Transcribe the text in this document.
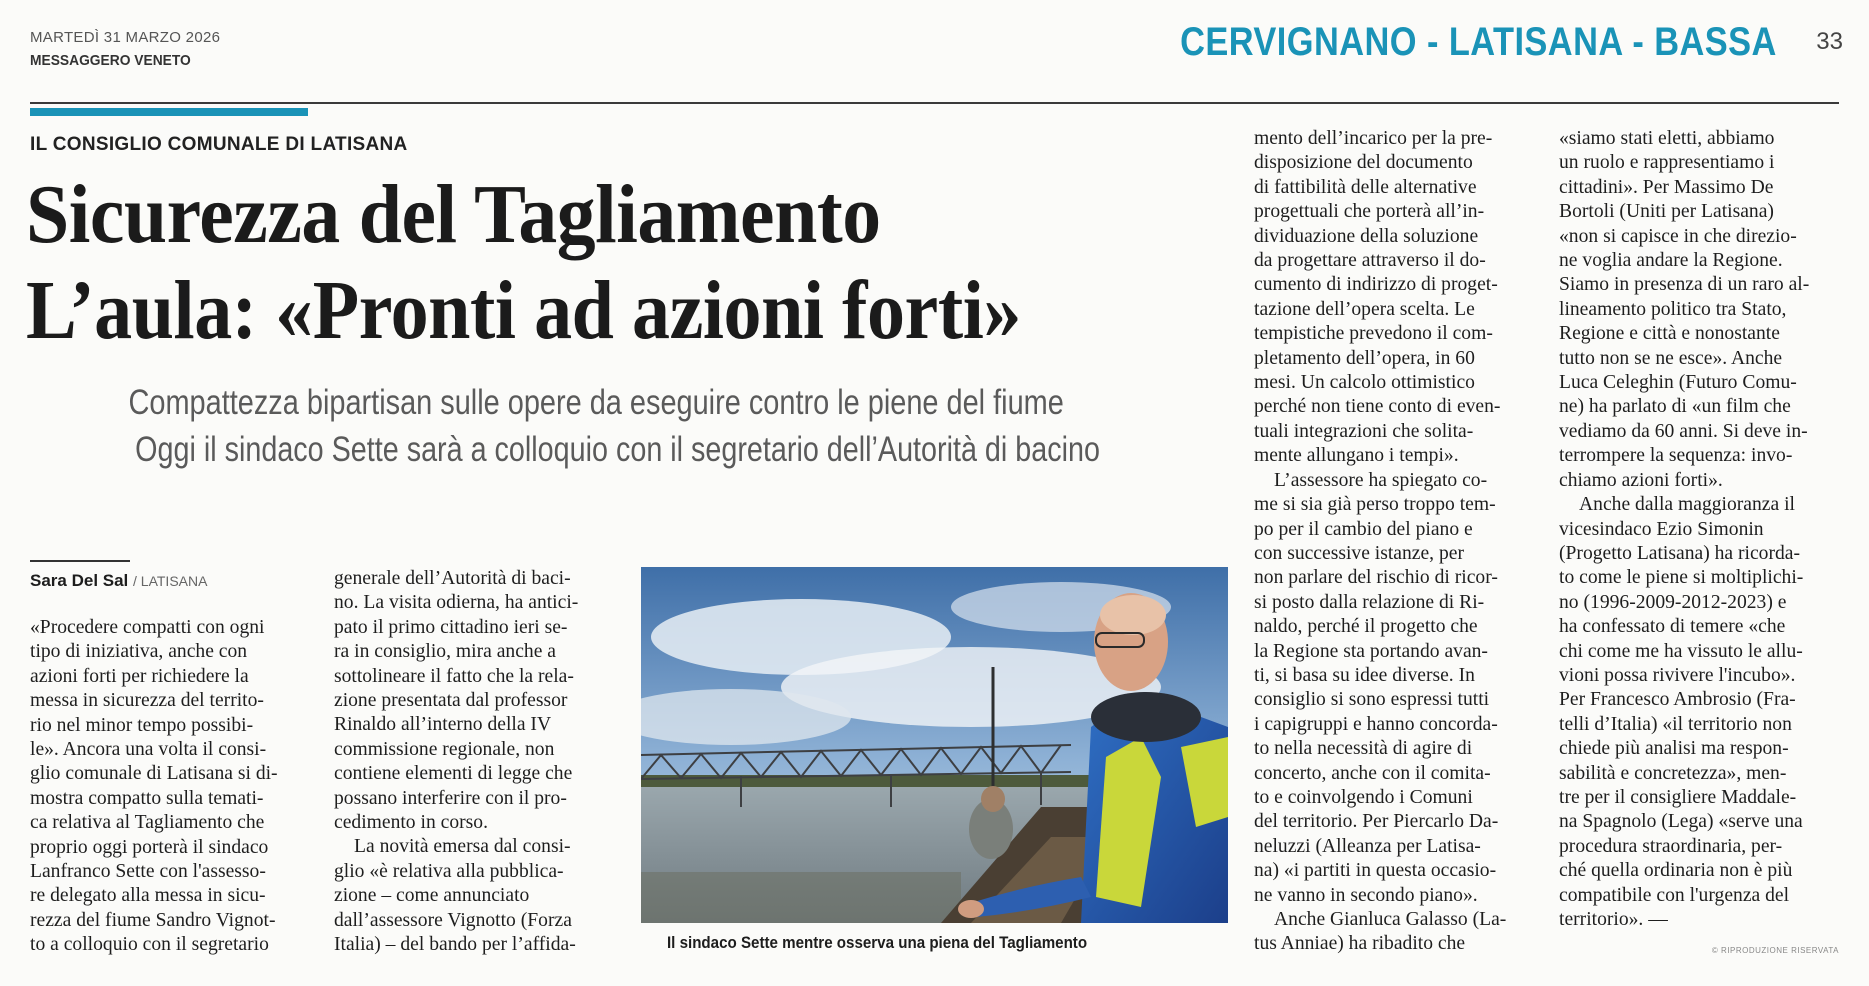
MARTEDÌ 31 MARZO 2026
MESSAGGERO VENETO	CERVIGNANO - LATISANA - BASSA 33
IL CONSIGLIO COMUNALE DI LATISANA
Sicurezza del Tagliamento
L’aula: «Pronti ad azioni forti»
Compattezza bipartisan sulle opere da eseguire contro le piene del fiume
Oggi il sindaco Sette sarà a colloquio con il segretario dell’Autorità di bacino
Sara Del Sal / LATISANA
«Procedere compatti con ogni
tipo di iniziativa, anche con
azioni forti per richiedere la
messa in sicurezza del territo-
rio nel minor tempo possibi-
le». Ancora una volta il consi-
glio comunale di Latisana si di-
mostra compatto sulla temati-
ca relativa al Tagliamento che
proprio oggi porterà il sindaco
Lanfranco Sette con l'assesso-
re delegato alla messa in sicu-
rezza del fiume Sandro Vignot-
to a colloquio con il segretario
generale dell’Autorità di baci-
no. La visita odierna, ha antici-
pato il primo cittadino ieri se-
ra in consiglio, mira anche a
sottolineare il fatto che la rela-
zione presentata dal professor
Rinaldo all’interno della IV
commissione regionale, non
contiene elementi di legge che
possano interferire con il pro-
cedimento in corso.
La novità emersa dal consi-
glio «è relativa alla pubblica-
zione – come annunciato
dall’assessore Vignotto (Forza
Italia) – del bando per l’affida-
mento dell’incarico per la pre-
disposizione del documento
di fattibilità delle alternative
progettuali che porterà all’in-
dividuazione della soluzione
da progettare attraverso il do-
cumento di indirizzo di proget-
tazione dell’opera scelta. Le
tempistiche prevedono il com-
pletamento dell’opera, in 60
mesi. Un calcolo ottimistico
perché non tiene conto di even-
tuali integrazioni che solita-
mente allungano i tempi».
L’assessore ha spiegato co-
me si sia già perso troppo tem-
po per il cambio del piano e
con successive istanze, per
non parlare del rischio di ricor-
si posto dalla relazione di Ri-
naldo, perché il progetto che
la Regione sta portando avan-
ti, si basa su idee diverse. In
consiglio si sono espressi tutti
i capigruppi e hanno concorda-
to nella necessità di agire di
concerto, anche con il comita-
to e coinvolgendo i Comuni
del territorio. Per Piercarlo Da-
neluzzi (Alleanza per Latisa-
na) «i partiti in questa occasio-
ne vanno in secondo piano».
Anche Gianluca Galasso (La-
tus Anniae) ha ribadito che
«siamo stati eletti, abbiamo
un ruolo e rappresentiamo i
cittadini». Per Massimo De
Bortoli (Uniti per Latisana)
«non si capisce in che direzio-
ne voglia andare la Regione.
Siamo in presenza di un raro al-
lineamento politico tra Stato,
Regione e città e nonostante
tutto non se ne esce». Anche
Luca Celeghin (Futuro Comu-
ne) ha parlato di «un film che
vediamo da 60 anni. Si deve in-
terrompere la sequenza: invo-
chiamo azioni forti».
Anche dalla maggioranza il
vicesindaco Ezio Simonin
(Progetto Latisana) ha ricorda-
to come le piene si moltiplichi-
no (1996-2009-2012-2023) e
ha confessato di temere «che
chi come me ha vissuto le allu-
vioni possa rivivere l'incubo».
Per Francesco Ambrosio (Fra-
telli d’Italia) «il territorio non
chiede più analisi ma respon-
sabilità e concretezza», men-
tre per il consigliere Maddale-
na Spagnolo (Lega) «serve una
procedura straordinaria, per-
ché quella ordinaria non è più
compatibile con l'urgenza del
territorio». —
Il sindaco Sette mentre osserva una piena del Tagliamento	© RIPRODUZIONE RISERVATA
